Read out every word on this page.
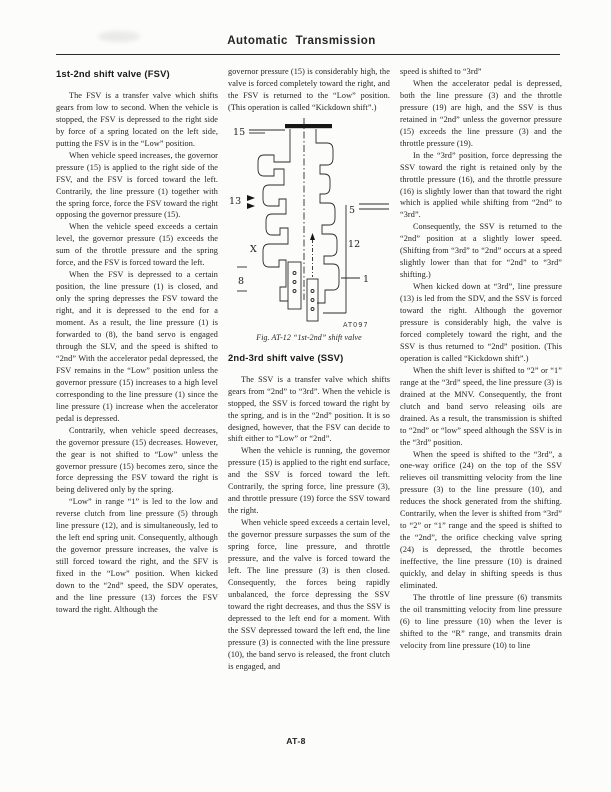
Automatic Transmission
1st-2nd shift valve (FSV)

The FSV is a transfer valve which shifts gears from low to second. When the vehicle is stopped, the FSV is depressed to the right side by force of a spring located on the left side, putting the FSV is in the “Low” position.

When vehicle speed increases, the governor pressure (15) is applied to the right side of the FSV, and the FSV is forced toward the left. Contrarily, the line pressure (1) together with the spring force, force the FSV toward the right opposing the governor pressure (15).

When the vehicle speed exceeds a certain level, the governor pressure (15) exceeds the sum of the throttle pressure and the spring force, and the FSV is forced toward the left.

When the FSV is depressed to a certain position, the line pressure (1) is closed, and only the spring depresses the FSV toward the right, and it is depressed to the end for a moment. As a result, the line pressure (1) is forwarded to (8), the band servo is engaged through the SLV, and the speed is shifted to “2nd” With the accelerator pedal depressed, the FSV remains in the “Low” position unless the governor pressure (15) increases to a high level corresponding to the line pressure (1) since the line pressure (1) increase when the accelerator pedal is depressed.

Contrarily, when vehicle speed decreases, the governor pressure (15) decreases. However, the gear is not shifted to “Low” unless the governor pressure (15) becomes zero, since the force depressing the FSV toward the right is being delivered only by the spring.

“Low” in range “1” is led to the low and reverse clutch from line pressure (5) through line pressure (12), and is simultaneously, led to the left end spring unit. Consequently, although the governor pressure increases, the valve is still forced toward the right, and the SFV is fixed in the “Low” position. When kicked down to the “2nd” speed, the SDV operates, and the line pressure (13) forces the FSV toward the right. Although the

governor pressure (15) is considerably high, the valve is forced completely toward the right, and the FSV is returned to the “Low” position. (This operation is called “Kickdown shift”.)

15
13
X
8
5
12
1
AT097

Fig. AT-12 “1st-2nd” shift valve

2nd-3rd shift valve (SSV)

The SSV is a transfer valve which shifts gears from “2nd” to “3rd”. When the vehicle is stopped, the SSV is forced toward the right by the spring, and is in the “2nd” position. It is so designed, however, that the FSV can decide to shift either to “Low” or “2nd”.

When the vehicle is running, the governor pressure (15) is applied to the right end surface, and the SSV is forced toward the left. Contrarily, the spring force, line pressure (3), and throttle pressure (19) force the SSV toward the right.

When vehicle speed exceeds a certain level, the governor pressure surpasses the sum of the spring force, line pressure, and throttle pressure, and the valve is forced toward the left. The line pressure (3) is then closed. Consequently, the forces being rapidly unbalanced, the force depressing the SSV toward the right decreases, and thus the SSV is depressed to the left end for a moment. With the SSV depressed toward the left end, the line pressure (3) is connected with the line pressure (10), the band servo is released, the front clutch is engaged, and

speed is shifted to “3rd”

When the accelerator pedal is depressed, both the line pressure (3) and the throttle pressure (19) are high, and the SSV is thus retained in “2nd” unless the governor pressure (15) exceeds the line pressure (3) and the throttle pressure (19).

In the “3rd” position, force depressing the SSV toward the right is retained only by the throttle pressure (16), and the throttle pressure (16) is slightly lower than that toward the right which is applied while shifting from “2nd” to “3rd”.

Consequently, the SSV is returned to the “2nd” position at a slightly lower speed. (Shifting from “3rd” to “2nd” occurs at a speed slightly lower than that for “2nd” to “3rd” shifting.)

When kicked down at “3rd”, line pressure (13) is led from the SDV, and the SSV is forced toward the right. Although the governor pressure is considerably high, the valve is forced completely toward the right, and the SSV is thus returned to “2nd” position. (This operation is called “Kickdown shift”.)

When the shift lever is shifted to “2” or “1” range at the “3rd” speed, the line pressure (3) is drained at the MNV. Consequently, the front clutch and band servo releasing oils are drained. As a result, the transmission is shifted to “2nd” or “low” speed although the SSV is in the “3rd” position.

When the speed is shifted to the “3rd”, a one-way orifice (24) on the top of the SSV relieves oil transmitting velocity from the line pressure (3) to the line pressure (10), and reduces the shock generated from the shifting. Contrarily, when the lever is shifted from “3rd” to “2” or “1” range and the speed is shifted to the “2nd”, the orifice checking valve spring (24) is depressed, the throttle becomes ineffective, the line pressure (10) is drained quickly, and delay in shifting speeds is thus eliminated.

The throttle of line pressure (6) transmits the oil transmitting velocity from line pressure (6) to line pressure (10) when the lever is shifted to the “R” range, and transmits drain velocity from line pressure (10) to line

AT-8
